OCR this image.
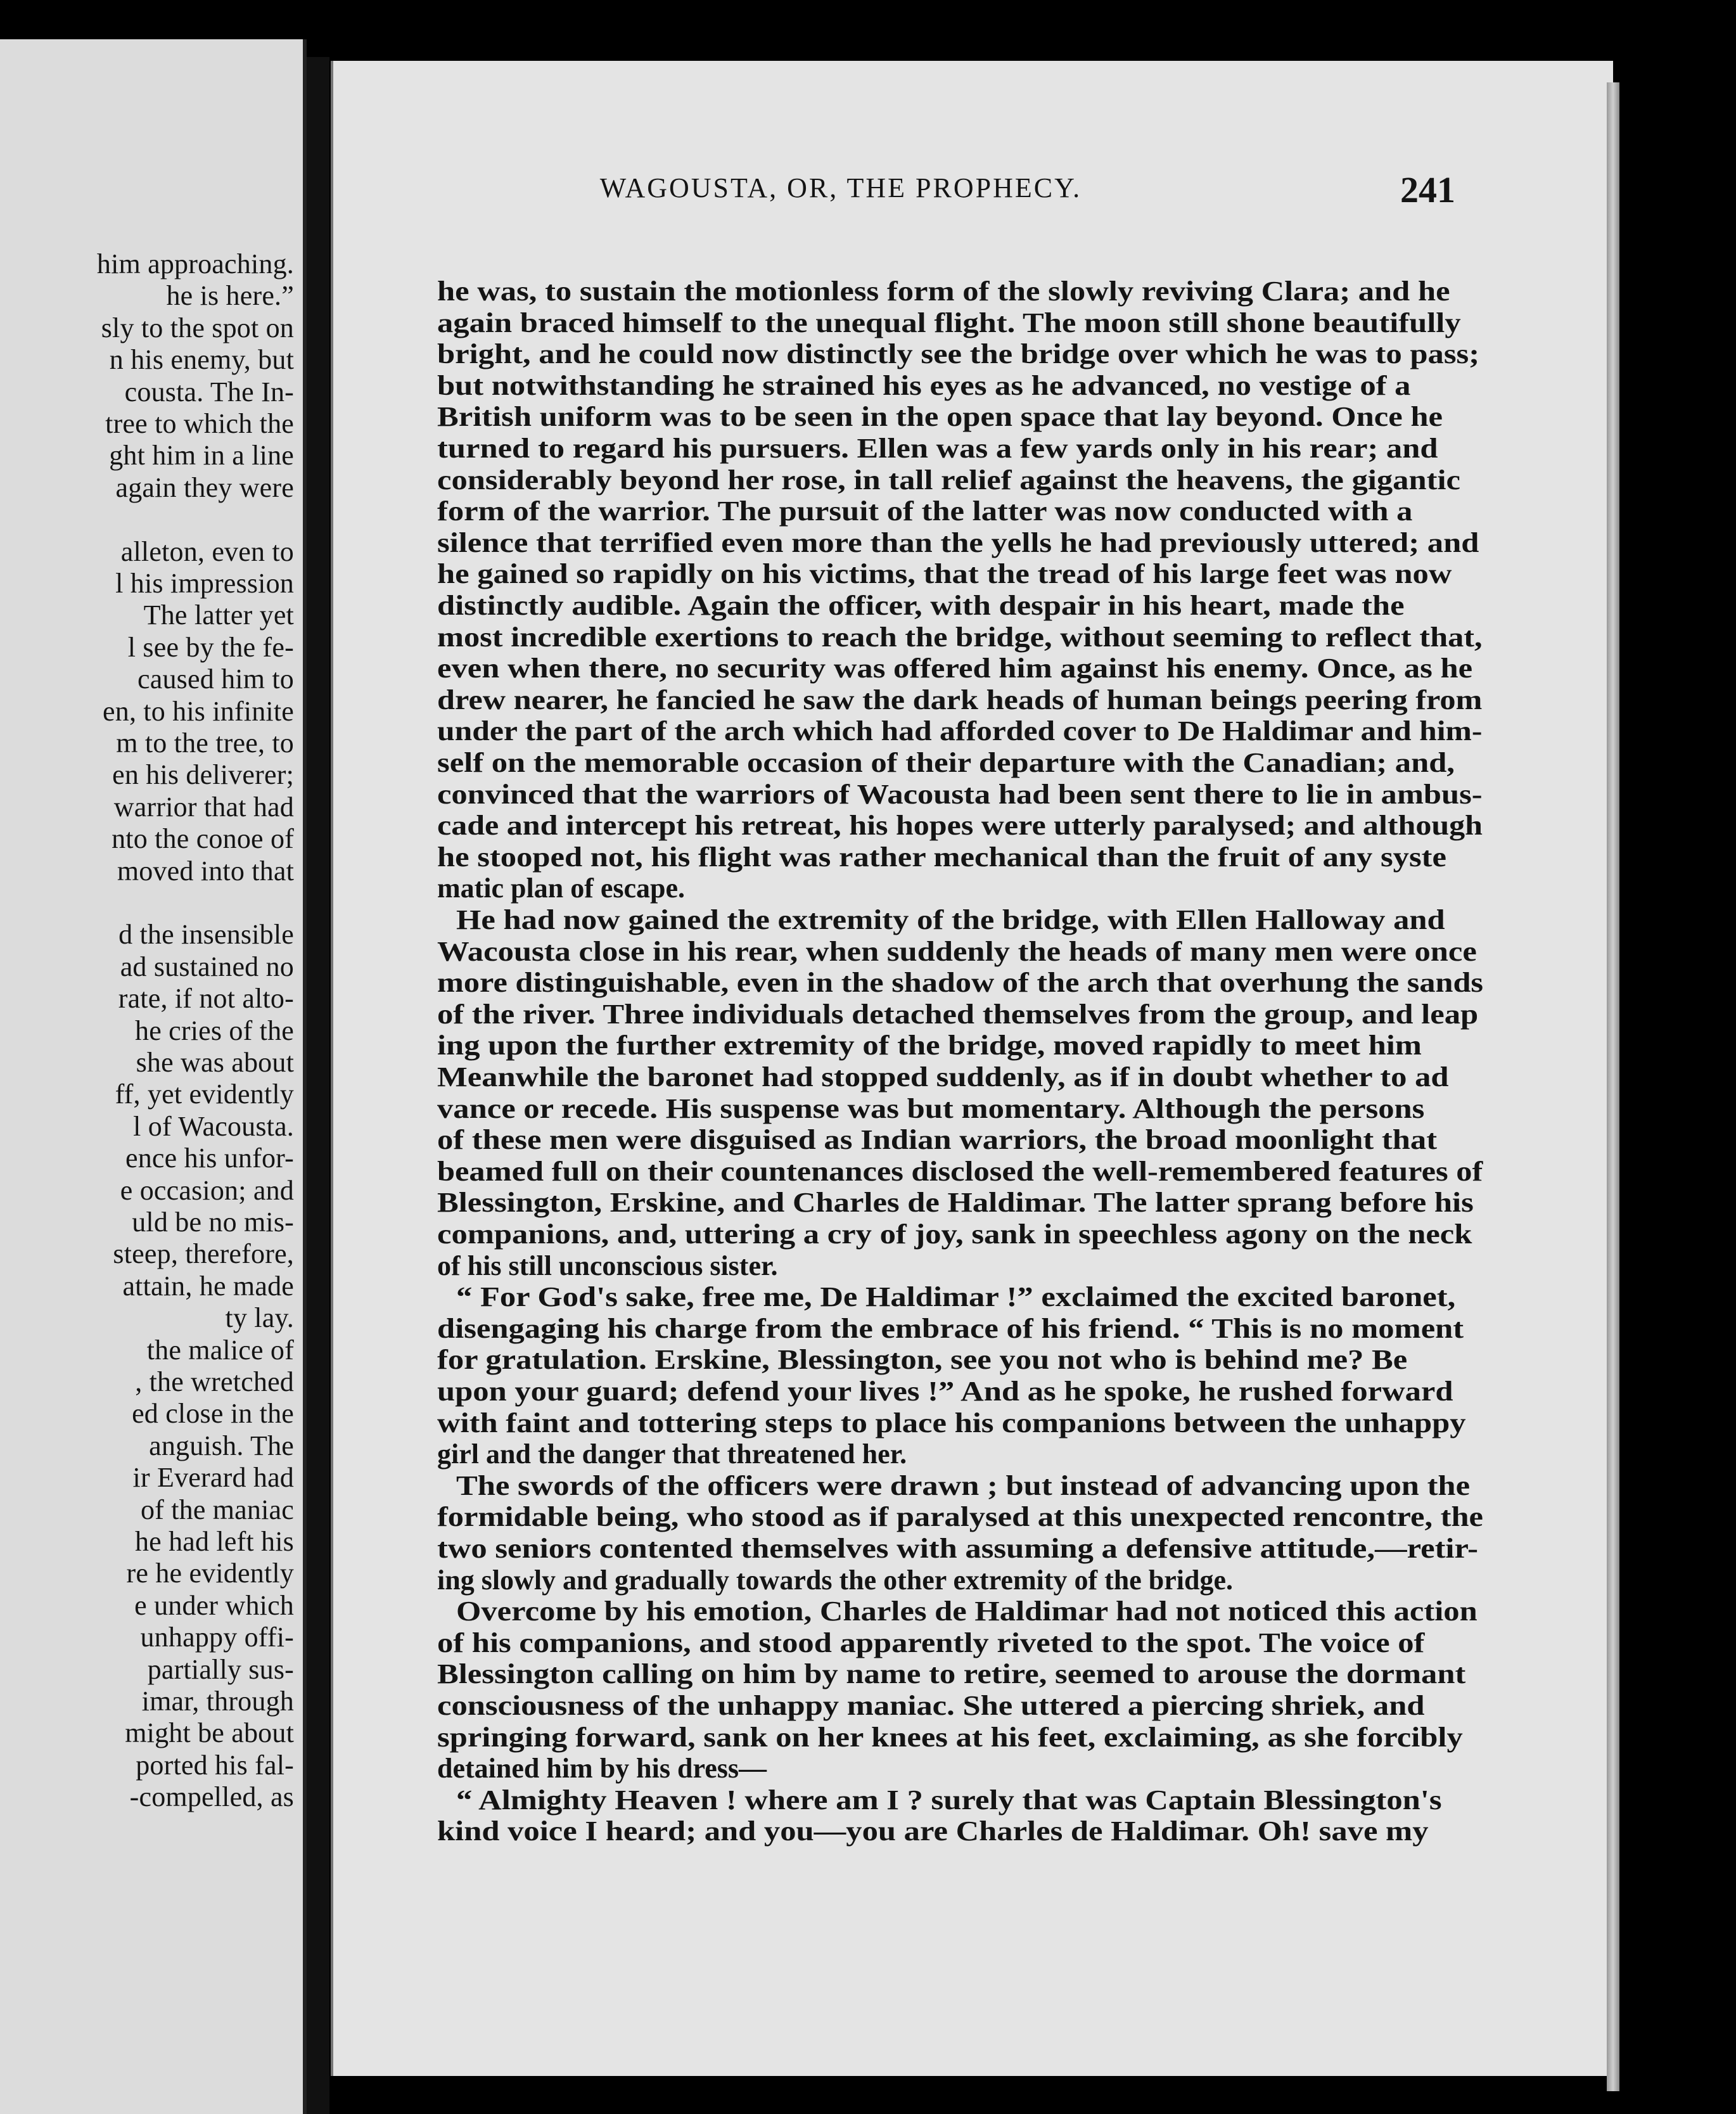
him approaching.
he is here.”
sly to the spot on
n his enemy, but
cousta. The In-
tree to which the
ght him in a line
again they were
alleton, even to
l his impression
The latter yet
l see by the fe-
caused him to
en, to his infinite
m to the tree, to
en his deliverer;
warrior that had
nto the conoe of
moved into that
d the insensible
ad sustained no
rate, if not alto-
he cries of the
she was about
ff, yet evidently
l of Wacousta.
ence his unfor-
e occasion; and
uld be no mis-
steep, therefore,
attain, he made
ty lay.
the malice of
, the wretched
ed close in the
anguish. The
ir Everard had
of the maniac
he had left his
re he evidently
e under which
unhappy offi-
partially sus-
imar, through
might be about
ported his fal-
-compelled, as
WAGOUSTA, OR, THE PROPHECY.	241
he was, to sustain the motionless form of the slowly reviving Clara; and he
again braced himself to the unequal flight. The moon still shone beautifully
bright, and he could now distinctly see the bridge over which he was to pass;
but notwithstanding he strained his eyes as he advanced, no vestige of a
British uniform was to be seen in the open space that lay beyond. Once he
turned to regard his pursuers. Ellen was a few yards only in his rear; and
considerably beyond her rose, in tall relief against the heavens, the gigantic
form of the warrior. The pursuit of the latter was now conducted with a
silence that terrified even more than the yells he had previously uttered; and
he gained so rapidly on his victims, that the tread of his large feet was now
distinctly audible. Again the officer, with despair in his heart, made the
most incredible exertions to reach the bridge, without seeming to reflect that,
even when there, no security was offered him against his enemy. Once, as he
drew nearer, he fancied he saw the dark heads of human beings peering from
under the part of the arch which had afforded cover to De Haldimar and him-
self on the memorable occasion of their departure with the Canadian; and,
convinced that the warriors of Wacousta had been sent there to lie in ambus-
cade and intercept his retreat, his hopes were utterly paralysed; and although
he stooped not, his flight was rather mechanical than the fruit of any syste
matic plan of escape.
He had now gained the extremity of the bridge, with Ellen Halloway and
Wacousta close in his rear, when suddenly the heads of many men were once
more distinguishable, even in the shadow of the arch that overhung the sands
of the river. Three individuals detached themselves from the group, and leap
ing upon the further extremity of the bridge, moved rapidly to meet him
Meanwhile the baronet had stopped suddenly, as if in doubt whether to ad
vance or recede. His suspense was but momentary. Although the persons
of these men were disguised as Indian warriors, the broad moonlight that
beamed full on their countenances disclosed the well-remembered features of
Blessington, Erskine, and Charles de Haldimar. The latter sprang before his
companions, and, uttering a cry of joy, sank in speechless agony on the neck
of his still unconscious sister.
“ For God's sake, free me, De Haldimar !” exclaimed the excited baronet,
disengaging his charge from the embrace of his friend. “ This is no moment
for gratulation. Erskine, Blessington, see you not who is behind me? Be
upon your guard; defend your lives !” And as he spoke, he rushed forward
with faint and tottering steps to place his companions between the unhappy
girl and the danger that threatened her.
The swords of the officers were drawn ; but instead of advancing upon the
formidable being, who stood as if paralysed at this unexpected rencontre, the
two seniors contented themselves with assuming a defensive attitude,—retir-
ing slowly and gradually towards the other extremity of the bridge.
Overcome by his emotion, Charles de Haldimar had not noticed this action
of his companions, and stood apparently riveted to the spot. The voice of
Blessington calling on him by name to retire, seemed to arouse the dormant
consciousness of the unhappy maniac. She uttered a piercing shriek, and
springing forward, sank on her knees at his feet, exclaiming, as she forcibly
detained him by his dress—
“ Almighty Heaven ! where am I ? surely that was Captain Blessington's
kind voice I heard; and you—you are Charles de Haldimar. Oh! save my
